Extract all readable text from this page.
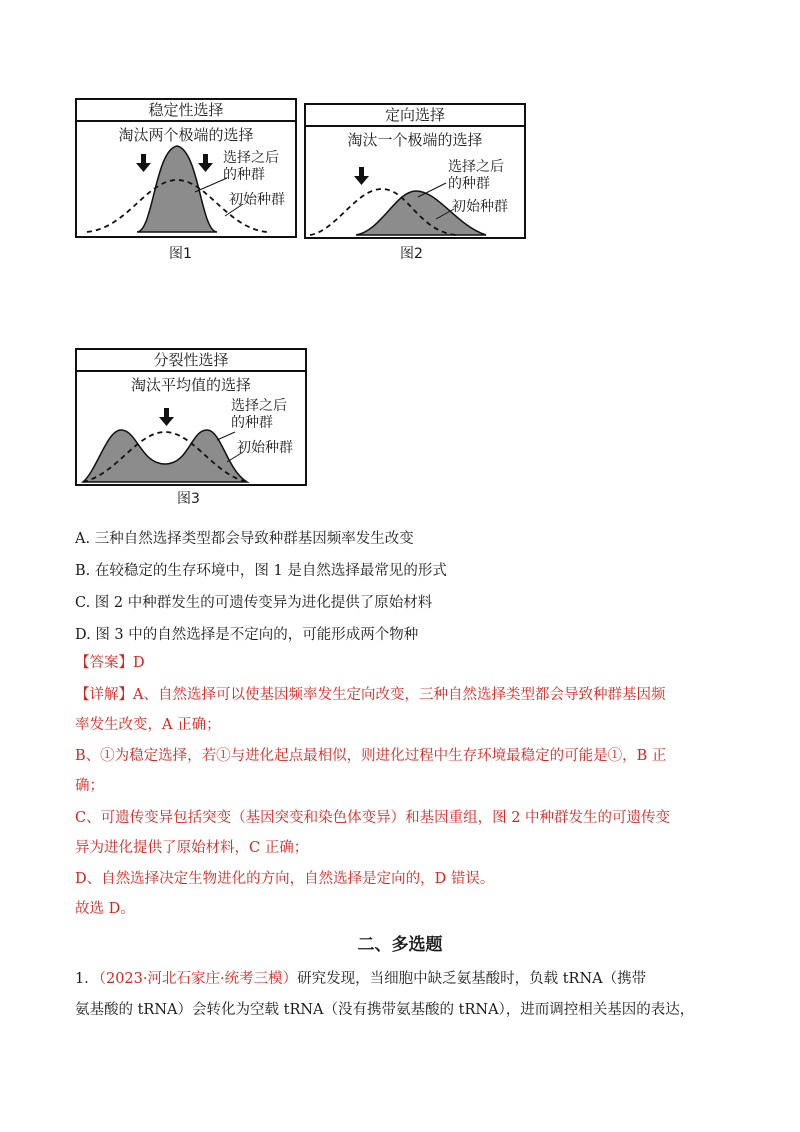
稳定性选择
淘汰两个极端的选择
选择之后
的种群
初始种群
图1
定向选择
淘汰一个极端的选择
选择之后
的种群
初始种群
图2
分裂性选择
淘汰平均值的选择
选择之后
的种群
初始种群
图3
A. 三种自然选择类型都会导致种群基因频率发生改变
B. 在较稳定的生存环境中，图 1 是自然选择最常见的形式
C. 图 2 中种群发生的可遗传变异为进化提供了原始材料
D. 图 3 中的自然选择是不定向的，可能形成两个物种
【答案】D
【详解】A、自然选择可以使基因频率发生定向改变，三种自然选择类型都会导致种群基因频
率发生改变，A 正确；
B、①为稳定选择，若①与进化起点最相似，则进化过程中生存环境最稳定的可能是①，B 正
确；
C、可遗传变异包括突变（基因突变和染色体变异）和基因重组，图 2 中种群发生的可遗传变
异为进化提供了原始材料，C 正确；
D、自然选择决定生物进化的方向，自然选择是定向的，D 错误。
故选 D。
二、多选题
1．（2023·河北石家庄·统考三模）研究发现，当细胞中缺乏氨基酸时，负载 tRNA（携带
氨基酸的 tRNA）会转化为空载 tRNA（没有携带氨基酸的 tRNA），进而调控相关基因的表达，
